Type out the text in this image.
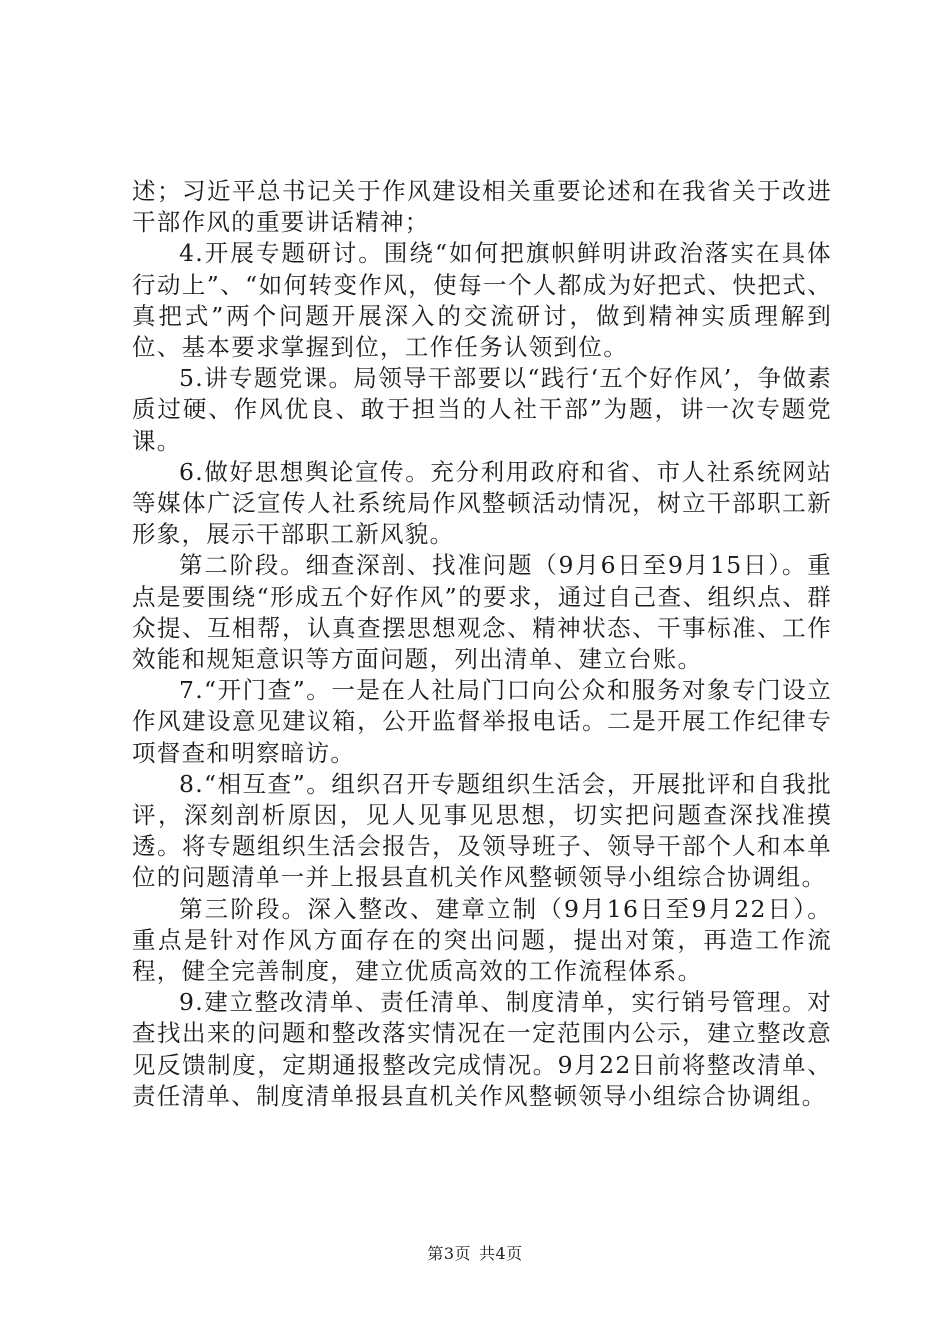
述；习近平总书记关于作风建设相关重要论述和在我省关于改进干部作风的重要讲话精神；

4.开展专题研讨。围绕“如何把旗帜鲜明讲政治落实在具体行动上”、“如何转变作风，使每一个人都成为好把式、快把式、真把式”两个问题开展深入的交流研讨，做到精神实质理解到位、基本要求掌握到位，工作任务认领到位。

5.讲专题党课。局领导干部要以“践行‘五个好作风’，争做素质过硬、作风优良、敢于担当的人社干部”为题，讲一次专题党课。

6.做好思想舆论宣传。充分利用政府和省、市人社系统网站等媒体广泛宣传人社系统局作风整顿活动情况，树立干部职工新形象，展示干部职工新风貌。

第二阶段。细查深剖、找准问题（9月6日至9月15日）。重点是要围绕“形成五个好作风”的要求，通过自己查、组织点、群众提、互相帮，认真查摆思想观念、精神状态、干事标准、工作效能和规矩意识等方面问题，列出清单、建立台账。

7.“开门查”。一是在人社局门口向公众和服务对象专门设立作风建设意见建议箱，公开监督举报电话。二是开展工作纪律专项督查和明察暗访。

8.“相互查”。组织召开专题组织生活会，开展批评和自我批评，深刻剖析原因，见人见事见思想，切实把问题查深找准摸透。将专题组织生活会报告，及领导班子、领导干部个人和本单位的问题清单一并上报县直机关作风整顿领导小组综合协调组。

第三阶段。深入整改、建章立制（9月16日至9月22日）。重点是针对作风方面存在的突出问题，提出对策，再造工作流程，健全完善制度，建立优质高效的工作流程体系。

9.建立整改清单、责任清单、制度清单，实行销号管理。对查找出来的问题和整改落实情况在一定范围内公示，建立整改意见反馈制度，定期通报整改完成情况。9月22日前将整改清单、责任清单、制度清单报县直机关作风整顿领导小组综合协调组。

第3页 共4页
